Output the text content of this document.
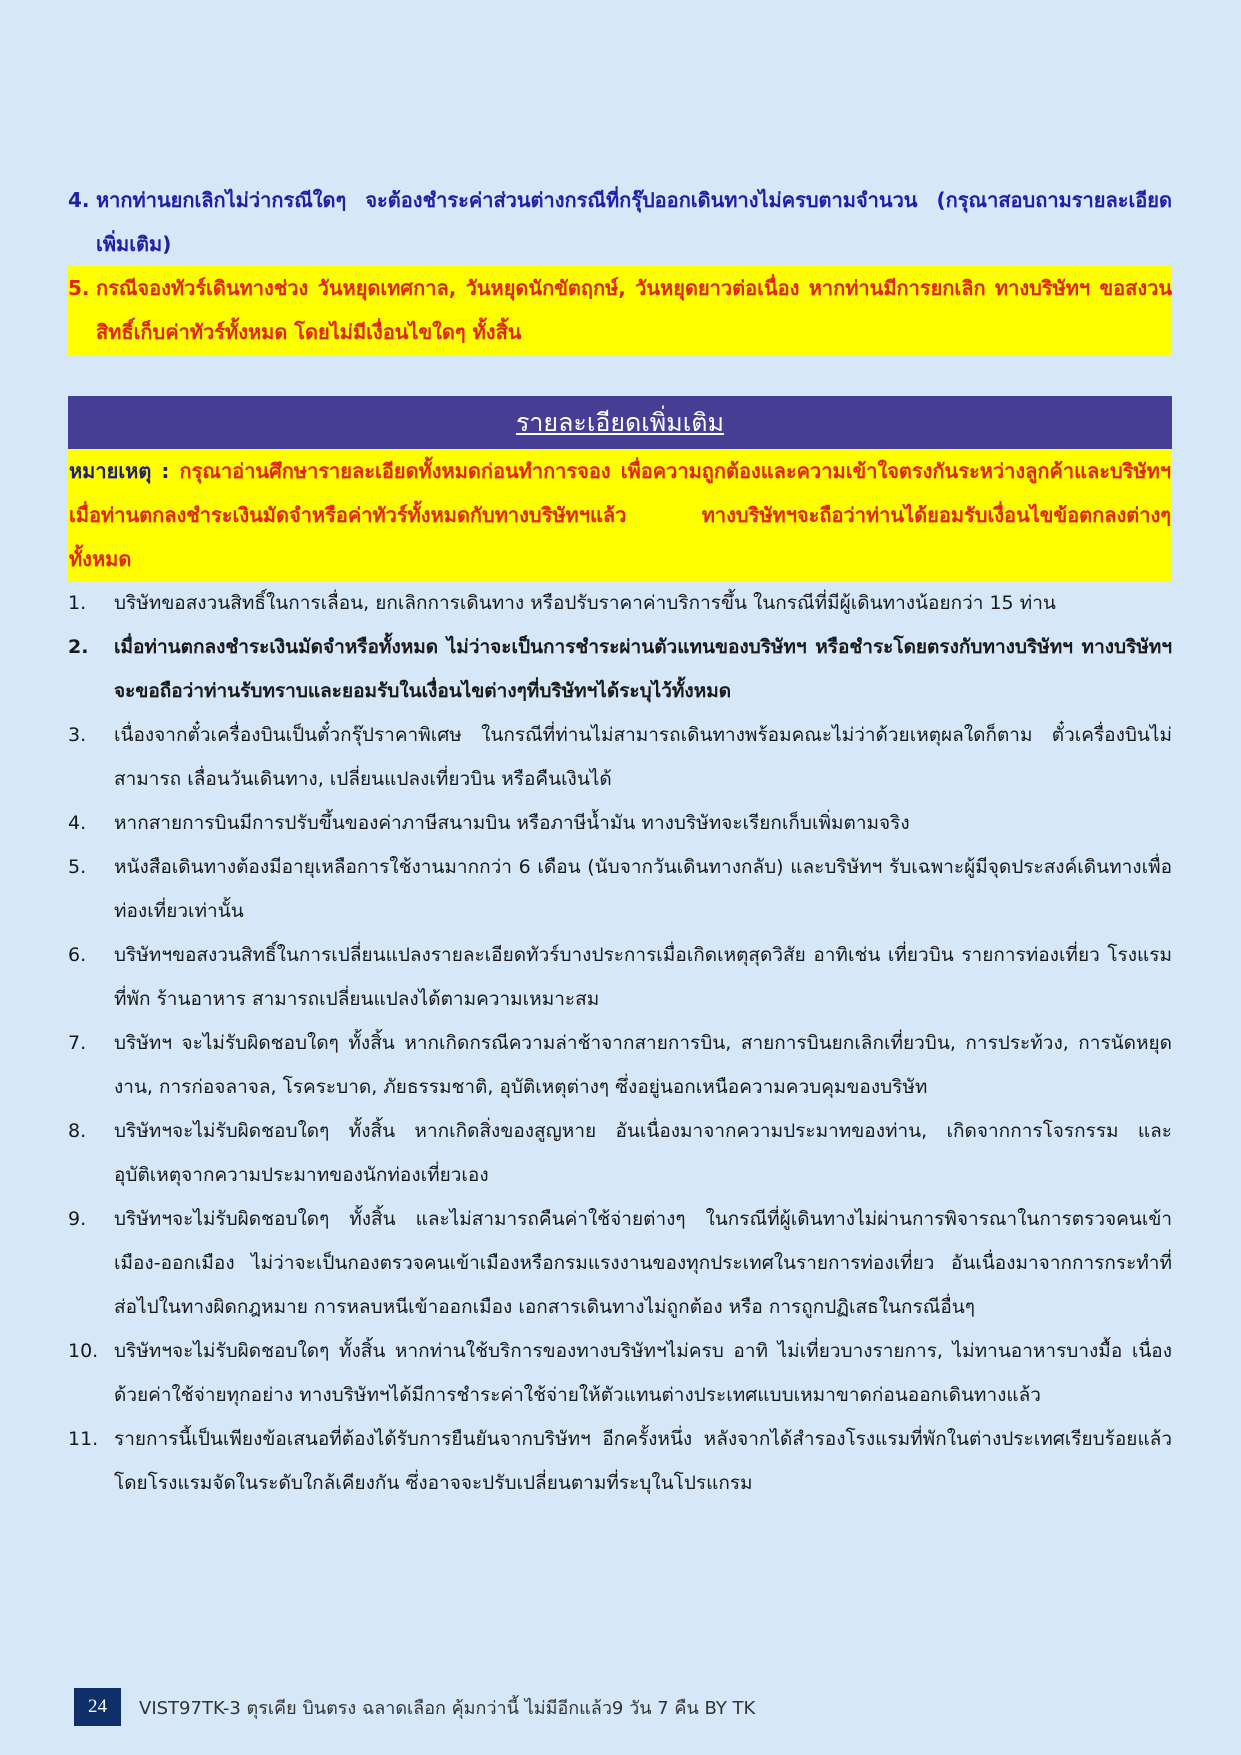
4. หากท่านยกเลิกไม่ว่ากรณีใดๆ จะต้องชำระค่าส่วนต่างกรณีที่กรุ๊ปออกเดินทางไม่ครบตามจำนวน (กรุณาสอบถามรายละเอียดเพิ่มเติม)
5. กรณีจองทัวร์เดินทางช่วง วันหยุดเทศกาล, วันหยุดนักขัตฤกษ์, วันหยุดยาวต่อเนื่อง หากท่านมีการยกเลิก ทางบริษัทฯ ขอสงวนสิทธิ์เก็บค่าทัวร์ทั้งหมด โดยไม่มีเงื่อนไขใดๆ ทั้งสิ้น
รายละเอียดเพิ่มเติม
หมายเหตุ : กรุณาอ่านศึกษารายละเอียดทั้งหมดก่อนทำการจอง เพื่อความถูกต้องและความเข้าใจตรงกันระหว่างลูกค้าและบริษัทฯ เมื่อท่านตกลงชำระเงินมัดจำหรือค่าทัวร์ทั้งหมดกับทางบริษัทฯแล้ว ทางบริษัทฯจะถือว่าท่านได้ยอมรับเงื่อนไขข้อตกลงต่างๆ ทั้งหมด
1.	บริษัทขอสงวนสิทธิ์ในการเลื่อน, ยกเลิกการเดินทาง หรือปรับราคาค่าบริการขึ้น ในกรณีที่มีผู้เดินทางน้อยกว่า 15 ท่าน
2.	เมื่อท่านตกลงชำระเงินมัดจำหรือทั้งหมด ไม่ว่าจะเป็นการชำระผ่านตัวแทนของบริษัทฯ หรือชำระโดยตรงกับทางบริษัทฯ ทางบริษัทฯ จะขอถือว่าท่านรับทราบและยอมรับในเงื่อนไขต่างๆที่บริษัทฯได้ระบุไว้ทั้งหมด
3.	เนื่องจากตั๋วเครื่องบินเป็นตั๋วกรุ๊ปราคาพิเศษ ในกรณีที่ท่านไม่สามารถเดินทางพร้อมคณะไม่ว่าด้วยเหตุผลใดก็ตาม ตั๋วเครื่องบินไม่สามารถ เลื่อนวันเดินทาง, เปลี่ยนแปลงเที่ยวบิน หรือคืนเงินได้
4.	หากสายการบินมีการปรับขึ้นของค่าภาษีสนามบิน หรือภาษีน้ำมัน ทางบริษัทจะเรียกเก็บเพิ่มตามจริง
5.	หนังสือเดินทางต้องมีอายุเหลือการใช้งานมากกว่า 6 เดือน (นับจากวันเดินทางกลับ) และบริษัทฯ รับเฉพาะผู้มีจุดประสงค์เดินทางเพื่อท่องเที่ยวเท่านั้น
6.	บริษัทฯขอสงวนสิทธิ์ในการเปลี่ยนแปลงรายละเอียดทัวร์บางประการเมื่อเกิดเหตุสุดวิสัย อาทิเช่น เที่ยวบิน รายการท่องเที่ยว โรงแรมที่พัก ร้านอาหาร สามารถเปลี่ยนแปลงได้ตามความเหมาะสม
7.	บริษัทฯ จะไม่รับผิดชอบใดๆ ทั้งสิ้น หากเกิดกรณีความล่าช้าจากสายการบิน, สายการบินยกเลิกเที่ยวบิน, การประท้วง, การนัดหยุดงาน, การก่อจลาจล, โรคระบาด, ภัยธรรมชาติ, อุบัติเหตุต่างๆ ซึ่งอยู่นอกเหนือความควบคุมของบริษัท
8.	บริษัทฯจะไม่รับผิดชอบใดๆ ทั้งสิ้น หากเกิดสิ่งของสูญหาย อันเนื่องมาจากความประมาทของท่าน, เกิดจากการโจรกรรม และ อุบัติเหตุจากความประมาทของนักท่องเที่ยวเอง
9.	บริษัทฯจะไม่รับผิดชอบใดๆ ทั้งสิ้น และไม่สามารถคืนค่าใช้จ่ายต่างๆ ในกรณีที่ผู้เดินทางไม่ผ่านการพิจารณาในการตรวจคนเข้าเมือง-ออกเมือง ไม่ว่าจะเป็นกองตรวจคนเข้าเมืองหรือกรมแรงงานของทุกประเทศในรายการท่องเที่ยว อันเนื่องมาจากการกระทำที่ส่อไปในทางผิดกฎหมาย การหลบหนีเข้าออกเมือง เอกสารเดินทางไม่ถูกต้อง หรือ การถูกปฏิเสธในกรณีอื่นๆ
10. บริษัทฯจะไม่รับผิดชอบใดๆ ทั้งสิ้น หากท่านใช้บริการของทางบริษัทฯไม่ครบ อาทิ ไม่เที่ยวบางรายการ, ไม่ทานอาหารบางมื้อ เนื่องด้วยค่าใช้จ่ายทุกอย่าง ทางบริษัทฯได้มีการชำระค่าใช้จ่ายให้ตัวแทนต่างประเทศแบบเหมาขาดก่อนออกเดินทางแล้ว
11. รายการนี้เป็นเพียงข้อเสนอที่ต้องได้รับการยืนยันจากบริษัทฯ อีกครั้งหนึ่ง หลังจากได้สำรองโรงแรมที่พักในต่างประเทศเรียบร้อยแล้ว โดยโรงแรมจัดในระดับใกล้เคียงกัน ซึ่งอาจจะปรับเปลี่ยนตามที่ระบุในโปรแกรม
24	VIST97TK-3 ตุรเคีย บินตรง ฉลาดเลือก คุ้มกว่านี้ ไม่มีอีกแล้ว9 วัน 7 คืน BY TK
